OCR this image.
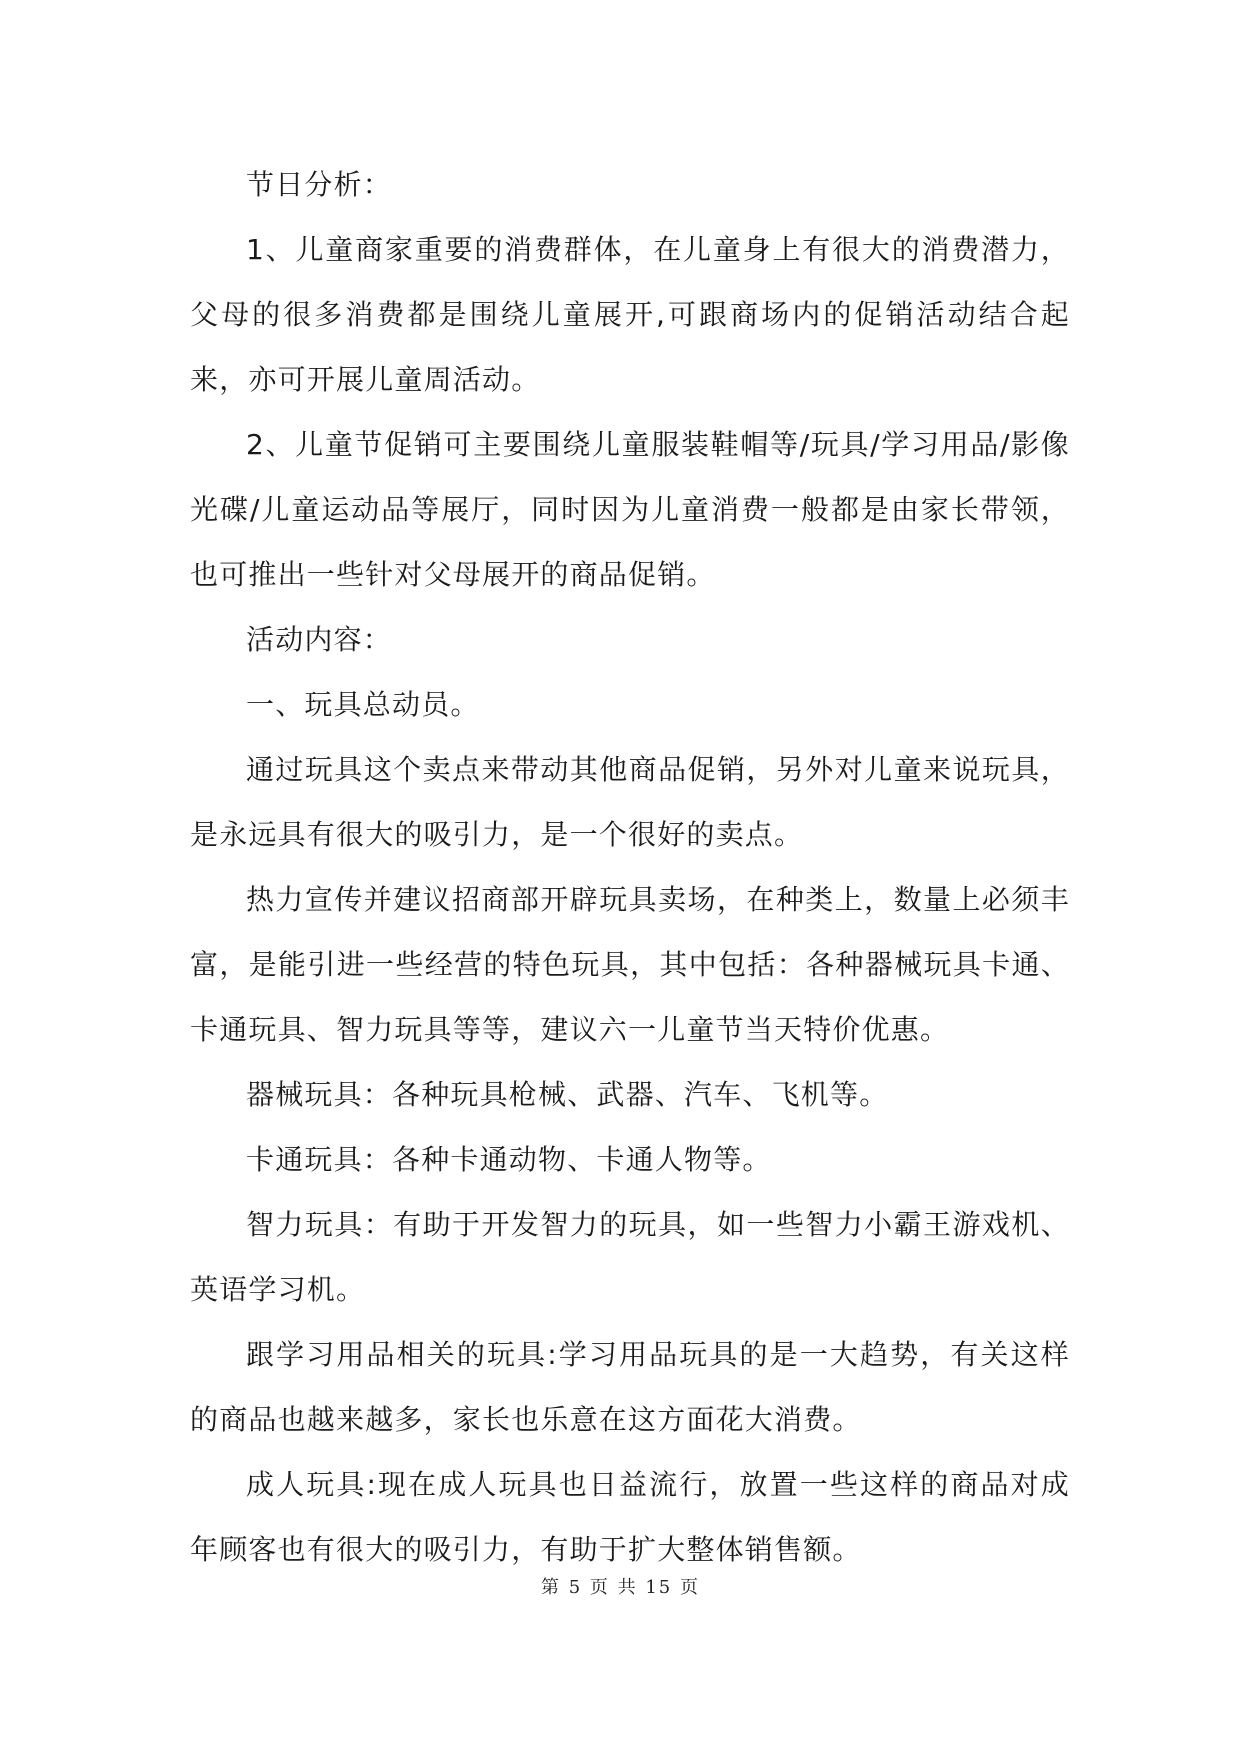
节日分析：

1、儿童商家重要的消费群体，在儿童身上有很大的消费潜力，父母的很多消费都是围绕儿童展开,可跟商场内的促销活动结合起来，亦可开展儿童周活动。

2、儿童节促销可主要围绕儿童服装鞋帽等/玩具/学习用品/影像光碟/儿童运动品等展厅，同时因为儿童消费一般都是由家长带领，也可推出一些针对父母展开的商品促销。

活动内容：

一、玩具总动员。

通过玩具这个卖点来带动其他商品促销，另外对儿童来说玩具，是永远具有很大的吸引力，是一个很好的卖点。

热力宣传并建议招商部开辟玩具卖场，在种类上，数量上必须丰富，是能引进一些经营的特色玩具，其中包括：各种器械玩具卡通、卡通玩具、智力玩具等等，建议六一儿童节当天特价优惠。

器械玩具：各种玩具枪械、武器、汽车、飞机等。

卡通玩具：各种卡通动物、卡通人物等。

智力玩具：有助于开发智力的玩具，如一些智力小霸王游戏机、英语学习机。

跟学习用品相关的玩具:学习用品玩具的是一大趋势，有关这样的商品也越来越多，家长也乐意在这方面花大消费。

成人玩具:现在成人玩具也日益流行，放置一些这样的商品对成年顾客也有很大的吸引力，有助于扩大整体销售额。

第 5 页 共 15 页
